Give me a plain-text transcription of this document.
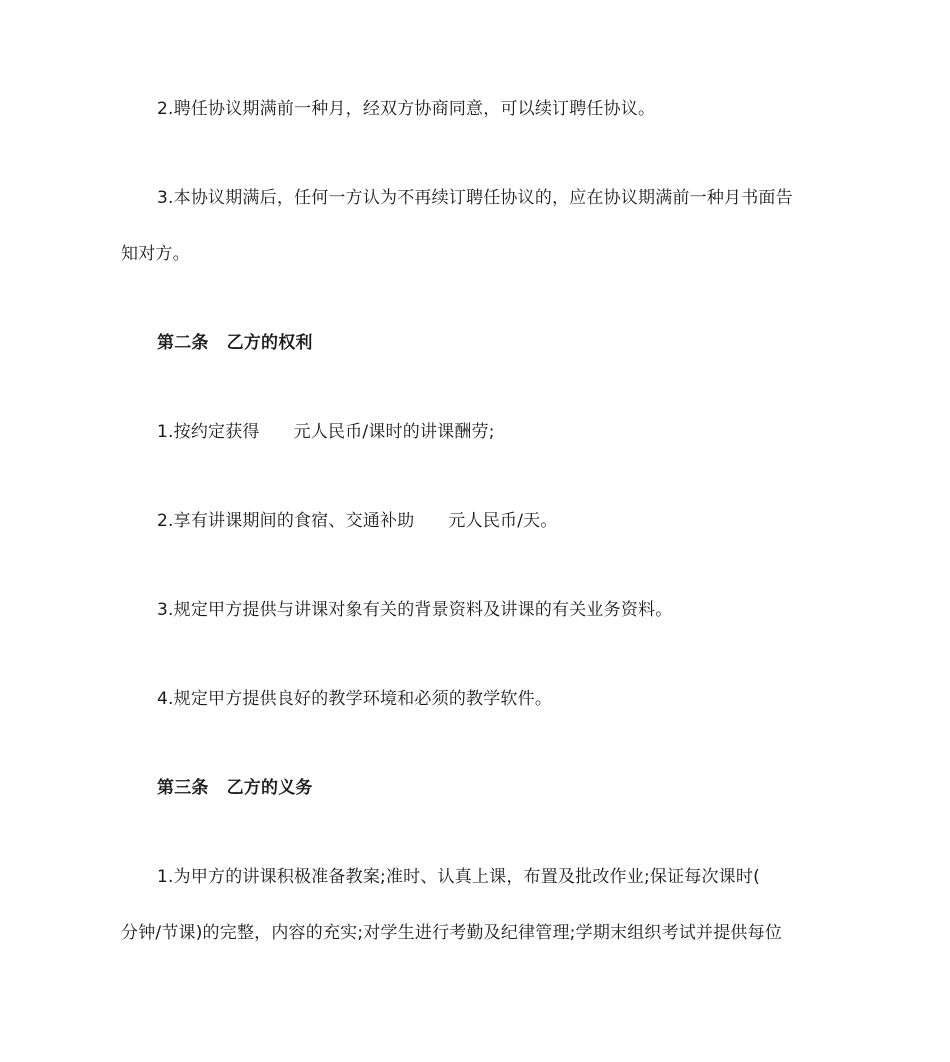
2.聘任协议期满前一种月，经双方协商同意，可以续订聘任协议。
3.本协议期满后，任何一方认为不再续订聘任协议的，应在协议期满前一种月书面告
知对方。
第二条 乙方的权利
1.按约定获得 元人民币/课时的讲课酬劳;
2.享有讲课期间的食宿、交通补助 元人民币/天。
3.规定甲方提供与讲课对象有关的背景资料及讲课的有关业务资料。
4.规定甲方提供良好的教学环境和必须的教学软件。
第三条 乙方的义务
1.为甲方的讲课积极准备教案;准时、认真上课，布置及批改作业;保证每次课时(
分钟/节课)的完整，内容的充实;对学生进行考勤及纪律管理;学期末组织考试并提供每位
